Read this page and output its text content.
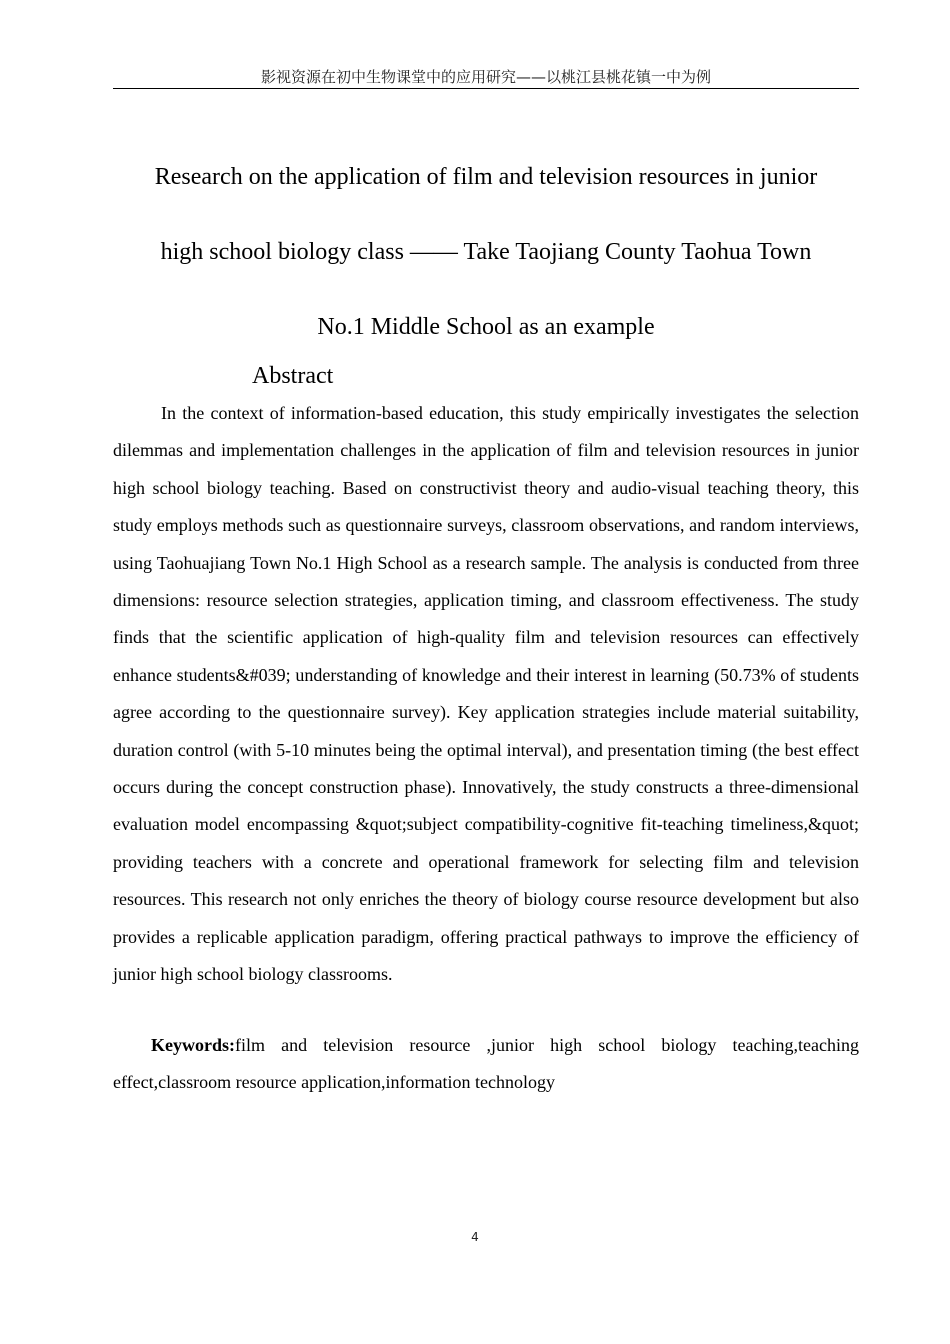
影视资源在初中生物课堂中的应用研究——以桃江县桃花镇一中为例
Research on the application of film and television resources in junior
high school biology class —— Take Taojiang County Taohua Town
No.1 Middle School as an example
Abstract

In the context of information-based education, this study empirically investigates the selection dilemmas and implementation challenges in the application of film and television resources in junior high school biology teaching. Based on constructivist theory and audio-visual teaching theory, this study employs methods such as questionnaire surveys, classroom observations, and random interviews, using Taohuajiang Town No.1 High School as a research sample. The analysis is conducted from three dimensions: resource selection strategies, application timing, and classroom effectiveness. The study finds that the scientific application of high-quality film and television resources can effectively enhance students&#039; understanding of knowledge and their interest in learning (50.73% of students agree according to the questionnaire survey). Key application strategies include material suitability, duration control (with 5-10 minutes being the optimal interval), and presentation timing (the best effect occurs during the concept construction phase). Innovatively, the study constructs a three-dimensional evaluation model encompassing &quot;subject compatibility-cognitive fit-teaching timeliness,&quot; providing teachers with a concrete and operational framework for selecting film and television resources. This research not only enriches the theory of biology course resource development but also provides a replicable application paradigm, offering practical pathways to improve the efficiency of junior high school biology classrooms.

Keywords:film and television resource ,junior high school biology teaching,teaching effect,classroom resource application,information technology

4
